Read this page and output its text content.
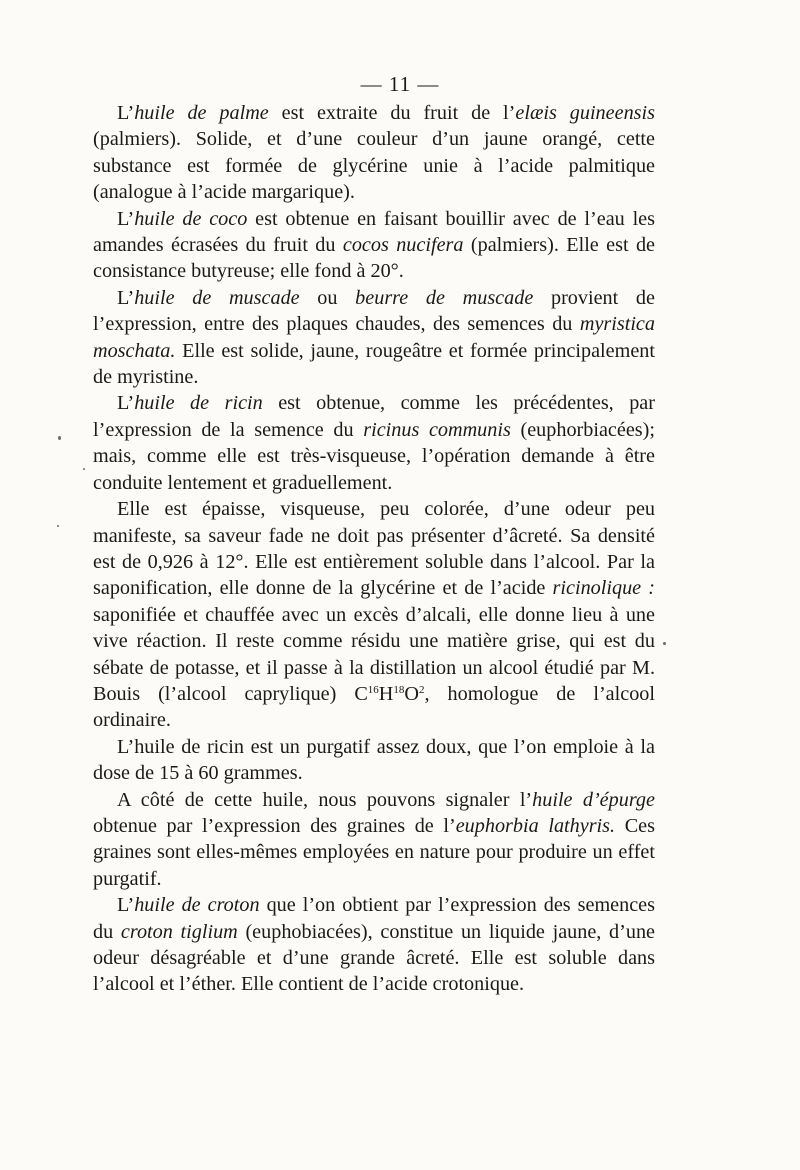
— 11 —

L’huile de palme est extraite du fruit de l’elæis guineensis (palmiers). Solide, et d’une couleur d’un jaune orangé, cette substance est formée de glycérine unie à l’acide palmitique (analogue à l’acide margarique).

L’huile de coco est obtenue en faisant bouillir avec de l’eau les amandes écrasées du fruit du cocos nucifera (palmiers). Elle est de consistance butyreuse; elle fond à 20°.

L’huile de muscade ou beurre de muscade provient de l’expression, entre des plaques chaudes, des semences du myristica moschata. Elle est solide, jaune, rougeâtre et formée principalement de myristine.

L’huile de ricin est obtenue, comme les précédentes, par l’expression de la semence du ricinus communis (euphorbiacées); mais, comme elle est très-visqueuse, l’opération demande à être conduite lentement et graduellement.

Elle est épaisse, visqueuse, peu colorée, d’une odeur peu manifeste, sa saveur fade ne doit pas présenter d’âcreté. Sa densité est de 0,926 à 12°. Elle est entièrement soluble dans l’alcool. Par la saponification, elle donne de la glycérine et de l’acide ricinolique : saponifiée et chauffée avec un excès d’alcali, elle donne lieu à une vive réaction. Il reste comme résidu une matière grise, qui est du sébate de potasse, et il passe à la distillation un alcool étudié par M. Bouis (l’alcool caprylique) $C^{16}H^{18}O^2$, homologue de l’alcool ordinaire.

L’huile de ricin est un purgatif assez doux, que l’on emploie à la dose de 15 à 60 grammes.

A côté de cette huile, nous pouvons signaler l’huile d’épurge obtenue par l’expression des graines de l’euphorbia lathyris. Ces graines sont elles-mêmes employées en nature pour produire un effet purgatif.

L’huile de croton que l’on obtient par l’expression des semences du croton tiglium (euphobiacées), constitue un liquide jaune, d’une odeur désagréable et d’une grande âcreté. Elle est soluble dans l’alcool et l’éther. Elle contient de l’acide crotonique.
